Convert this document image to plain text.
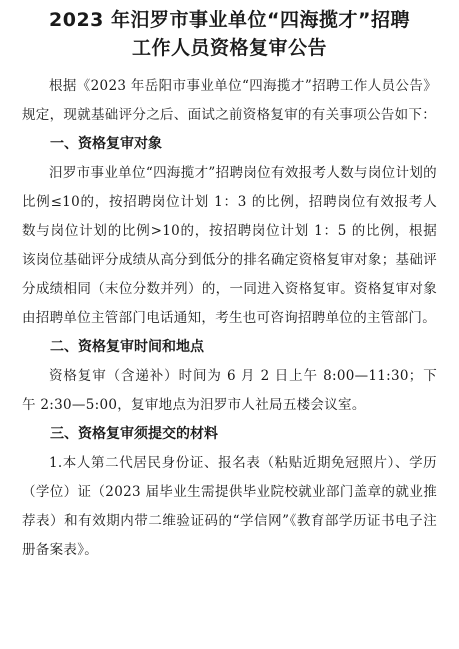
2023 年汨罗市事业单位“四海揽才”招聘
工作人员资格复审公告

根据《2023 年岳阳市事业单位“四海揽才”招聘工作人员公告》规定，现就基础评分之后、面试之前资格复审的有关事项公告如下：

一、资格复审对象

汨罗市事业单位“四海揽才”招聘岗位有效报考人数与岗位计划的比例≤10的，按招聘岗位计划 1：3 的比例，招聘岗位有效报考人数与岗位计划的比例>10的，按招聘岗位计划 1：5 的比例，根据该岗位基础评分成绩从高分到低分的排名确定资格复审对象；基础评分成绩相同（末位分数并列）的，一同进入资格复审。资格复审对象由招聘单位主管部门电话通知，考生也可咨询招聘单位的主管部门。

二、资格复审时间和地点

资格复审（含递补）时间为 6 月 2 日上午 8:00—11:30；下午 2:30—5:00，复审地点为汨罗市人社局五楼会议室。

三、资格复审须提交的材料

1.本人第二代居民身份证、报名表（粘贴近期免冠照片）、学历（学位）证（2023 届毕业生需提供毕业院校就业部门盖章的就业推荐表）和有效期内带二维验证码的“学信网”《教育部学历证书电子注册备案表》。
